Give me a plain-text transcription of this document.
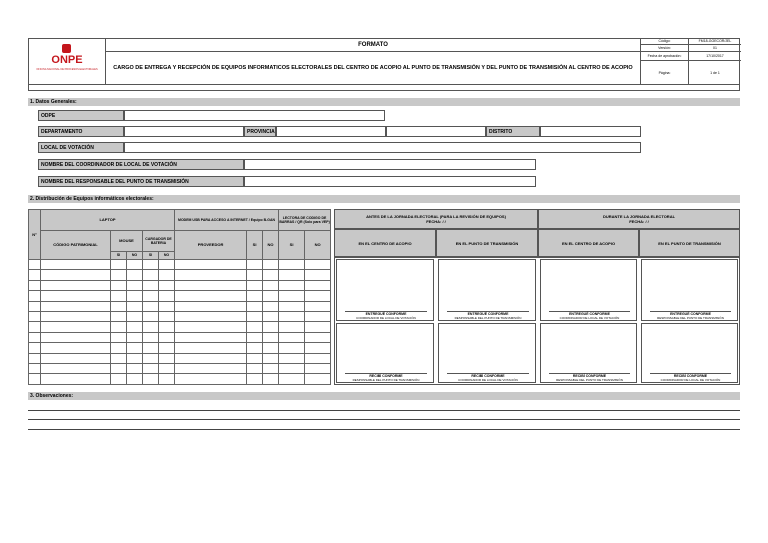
ONPE
OFICINA NACIONAL DE PROCESOS ELECTORALES
FORMATO
CARGO DE ENTREGA Y RECEPCIÓN DE EQUIPOS INFORMATICOS ELECTORALES DEL CENTRO DE ACOPIO AL PUNTO DE TRANSMISIÓN Y DEL PUNTO DE TRANSMISIÓN AL CENTRO DE ACOPIO
Código:	FM18-GOECOR/JEL
Versión:	01
Fecha de aprobación:	17/10/2017
Página:	1 de 1
1. Datos Generales:
ODPE
DEPARTAMENTO	PROVINCIA	DISTRITO
LOCAL DE VOTACIÓN
NOMBRE DEL COORDINADOR DE LOCAL DE VOTACIÓN
NOMBRE DEL RESPONSABLE DEL PUNTO DE TRANSMISIÓN
2. Distribución de Equipos informáticos electorales:
N°	LAPTOP					MODEM USB PARA ACCESO A INTERNET / Equipo B-GAN			LECTORA DE CODIGO DE BARRAS / QR (Solo para VEP)	
	CÓDIGO PATRIMONIAL	MOUSE		CARGADOR DE BATERIA		PROVEEDOR	SI	NO	SI	NO
		SI	NO	SI	NO					

ANTES DE LA JORNADA ELECTORAL (PARA LA REVISIÓN DE EQUIPOS)
FECHA: / /
DURANTE LA JORNADA ELECTORAL
FECHA: / /
EN EL CENTRO DE ACOPIO	EN EL PUNTO DE TRANSMISIÓN	EN EL CENTRO DE ACOPIO	EN EL PUNTO DE TRANSMISIÓN
ENTREGUÉ CONFORME
COORDINADOR DE LOCAL DE VOTACIÓN
ENTREGUÉ CONFORME
RESPONSABLE DEL PUNTO DE TRANSMISIÓN
ENTREGUÉ CONFORME
COORDINADOR DE LOCAL DE VOTACIÓN
ENTREGUÉ CONFORME
RESPONSABLE DEL PUNTO DE TRANSMISIÓN
RECIBÍ CONFORME
RESPONSABLE DEL PUNTO DE TRANSMISIÓN
RECIBÍ CONFORME
COORDINADOR DE LOCAL DE VOTACIÓN
RECIBÍ CONFORME
RESPONSABLE DEL PUNTO DE TRANSMISIÓN
RECIBÍ CONFORME
COORDINADOR DE LOCAL DE VOTACIÓN
3. Observaciones:
